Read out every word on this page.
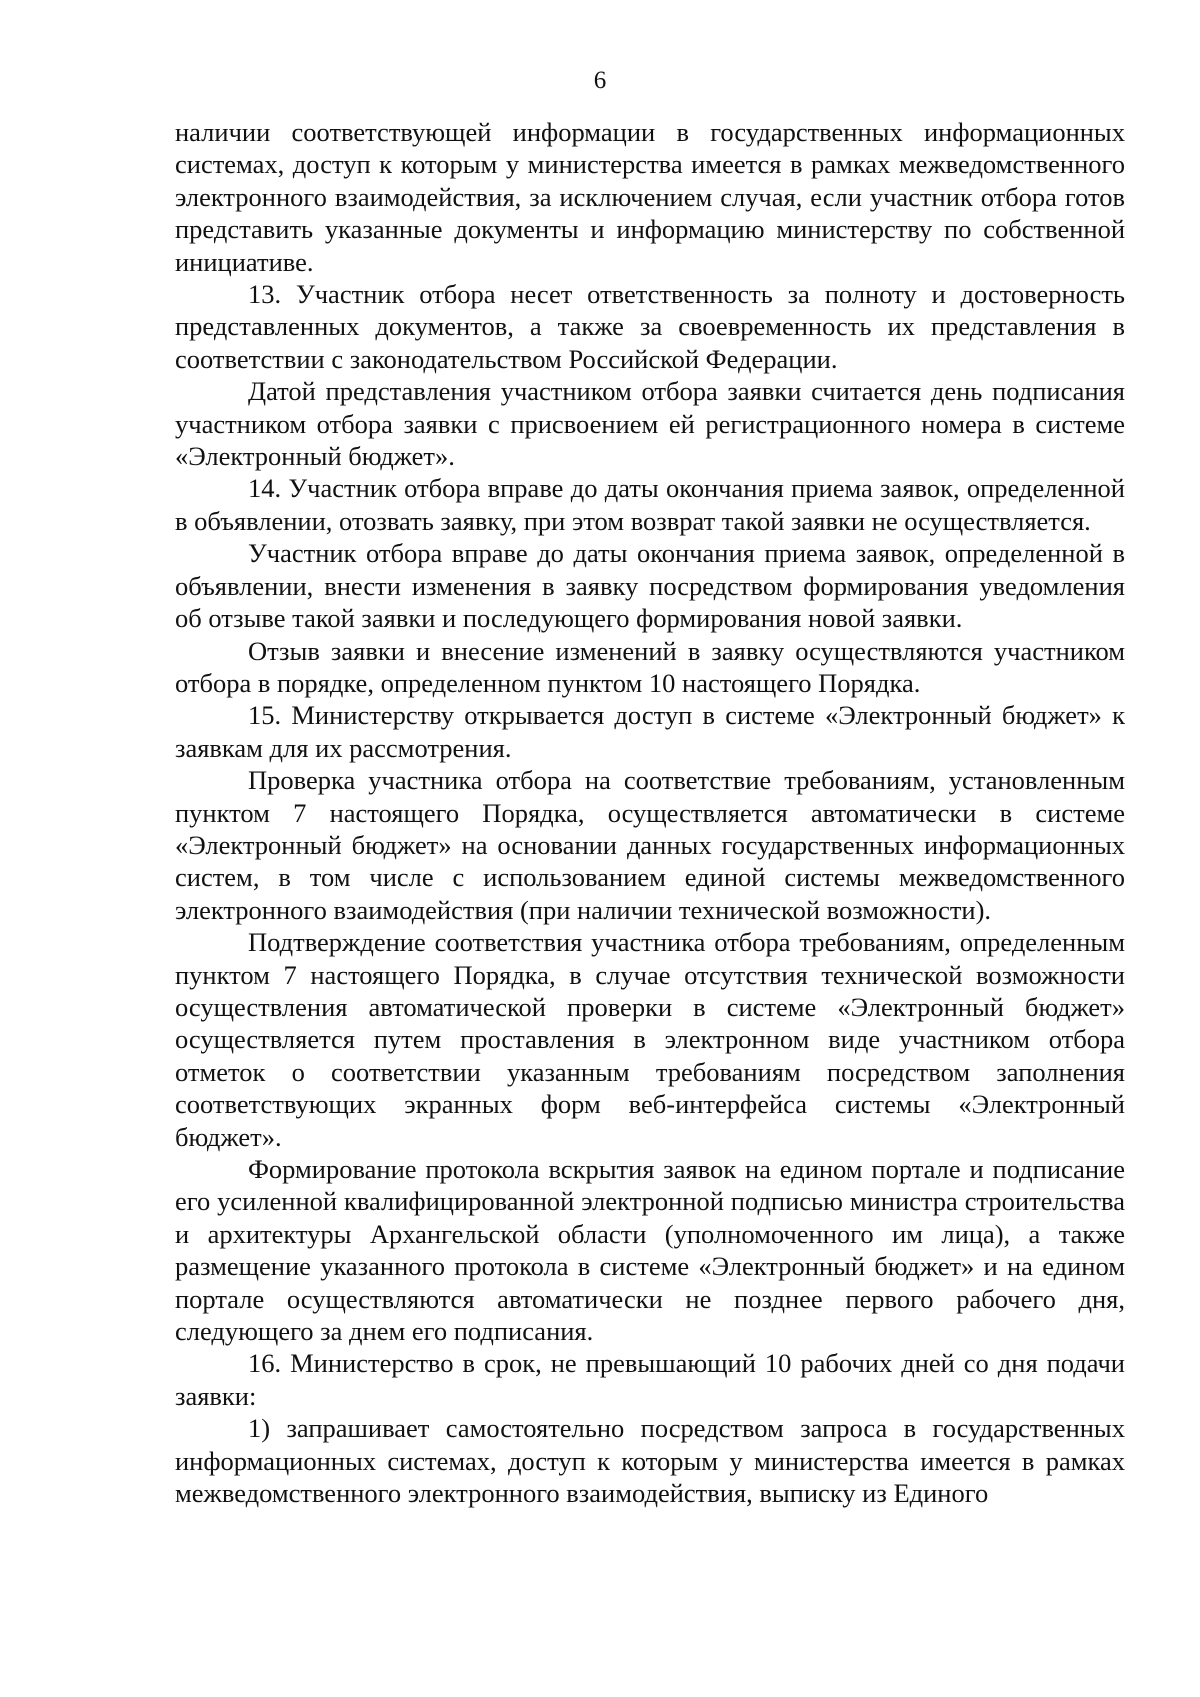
6

наличии соответствующей информации в государственных информационных системах, доступ к которым у министерства имеется в рамках межведомственного электронного взаимодействия, за исключением случая, если участник отбора готов представить указанные документы и информацию министерству по собственной инициативе.

13. Участник отбора несет ответственность за полноту и достоверность представленных документов, а также за своевременность их представления в соответствии с законодательством Российской Федерации.

Датой представления участником отбора заявки считается день подписания участником отбора заявки с присвоением ей регистрационного номера в системе «Электронный бюджет».

14. Участник отбора вправе до даты окончания приема заявок, определенной в объявлении, отозвать заявку, при этом возврат такой заявки не осуществляется.

Участник отбора вправе до даты окончания приема заявок, определенной в объявлении, внести изменения в заявку посредством формирования уведомления об отзыве такой заявки и последующего формирования новой заявки.

Отзыв заявки и внесение изменений в заявку осуществляются участником отбора в порядке, определенном пунктом 10 настоящего Порядка.

15. Министерству открывается доступ в системе «Электронный бюджет» к заявкам для их рассмотрения.

Проверка участника отбора на соответствие требованиям, установленным пунктом 7 настоящего Порядка, осуществляется автоматически в системе «Электронный бюджет» на основании данных государственных информационных систем, в том числе с использованием единой системы межведомственного электронного взаимодействия (при наличии технической возможности).

Подтверждение соответствия участника отбора требованиям, определенным пунктом 7 настоящего Порядка, в случае отсутствия технической возможности осуществления автоматической проверки в системе «Электронный бюджет» осуществляется путем проставления в электронном виде участником отбора отметок о соответствии указанным требованиям посредством заполнения соответствующих экранных форм веб-интерфейса системы «Электронный бюджет».

Формирование протокола вскрытия заявок на едином портале и подписание его усиленной квалифицированной электронной подписью министра строительства и архитектуры Архангельской области (уполномоченного им лица), а также размещение указанного протокола в системе «Электронный бюджет» и на едином портале осуществляются автоматически не позднее первого рабочего дня, следующего за днем его подписания.

16. Министерство в срок, не превышающий 10 рабочих дней со дня подачи заявки:

1) запрашивает самостоятельно посредством запроса в государственных информационных системах, доступ к которым у министерства имеется в рамках межведомственного электронного взаимодействия, выписку из Единого
